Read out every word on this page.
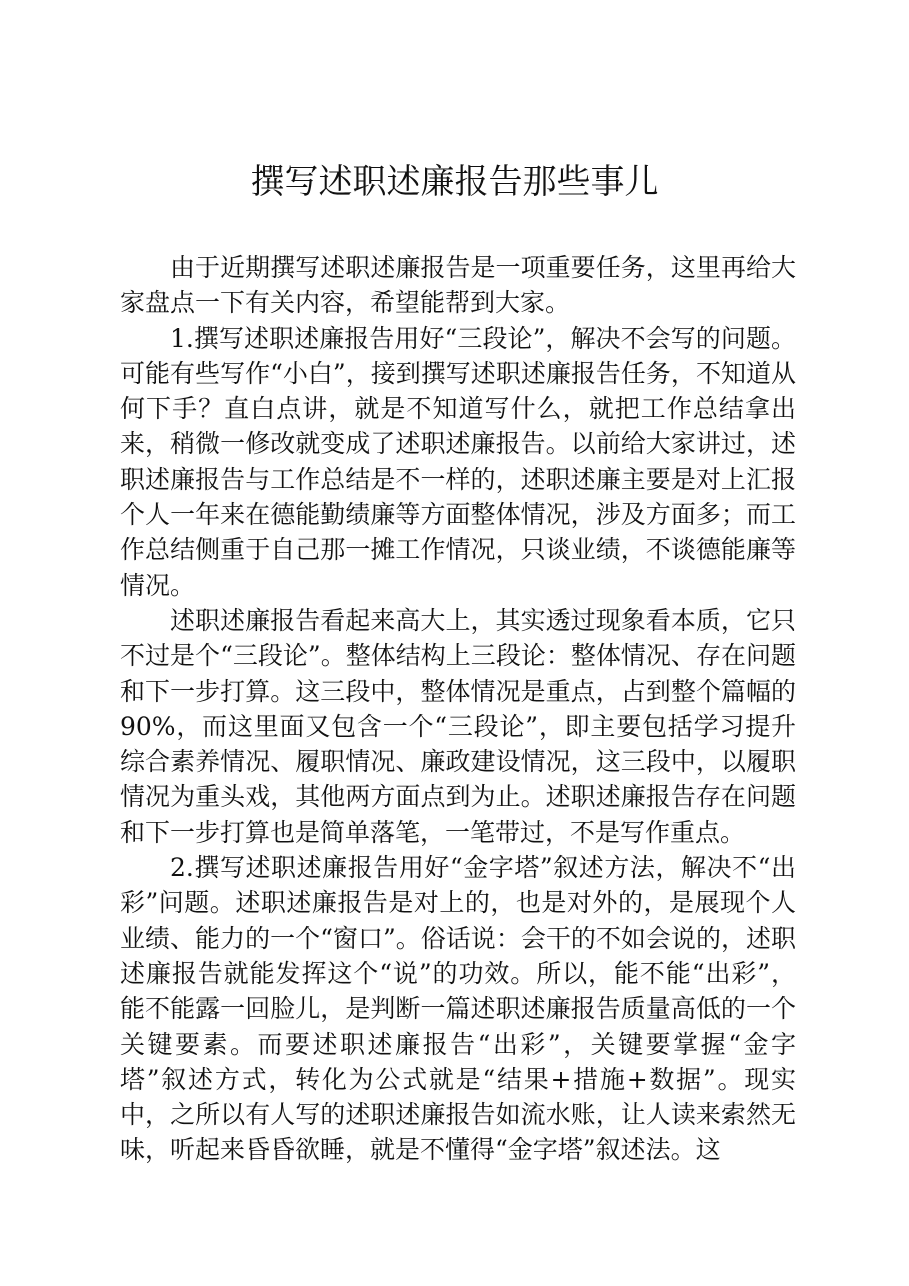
撰写述职述廉报告那些事儿

由于近期撰写述职述廉报告是一项重要任务，这里再给大家盘点一下有关内容，希望能帮到大家。

1.撰写述职述廉报告用好“三段论”，解决不会写的问题。可能有些写作“小白”，接到撰写述职述廉报告任务，不知道从何下手？直白点讲，就是不知道写什么，就把工作总结拿出来，稍微一修改就变成了述职述廉报告。以前给大家讲过，述职述廉报告与工作总结是不一样的，述职述廉主要是对上汇报个人一年来在德能勤绩廉等方面整体情况，涉及方面多；而工作总结侧重于自己那一摊工作情况，只谈业绩，不谈德能廉等情况。

述职述廉报告看起来高大上，其实透过现象看本质，它只不过是个“三段论”。整体结构上三段论：整体情况、存在问题和下一步打算。这三段中，整体情况是重点，占到整个篇幅的90%，而这里面又包含一个“三段论”，即主要包括学习提升综合素养情况、履职情况、廉政建设情况，这三段中，以履职情况为重头戏，其他两方面点到为止。述职述廉报告存在问题和下一步打算也是简单落笔，一笔带过，不是写作重点。

2.撰写述职述廉报告用好“金字塔”叙述方法，解决不“出彩”问题。述职述廉报告是对上的，也是对外的，是展现个人业绩、能力的一个“窗口”。俗话说：会干的不如会说的，述职述廉报告就能发挥这个“说”的功效。所以，能不能“出彩”，能不能露一回脸儿，是判断一篇述职述廉报告质量高低的一个关键要素。而要述职述廉报告“出彩”，关键要掌握“金字塔”叙述方式，转化为公式就是“结果+措施+数据”。现实中，之所以有人写的述职述廉报告如流水账，让人读来索然无味，听起来昏昏欲睡，就是不懂得“金字塔”叙述法。这
